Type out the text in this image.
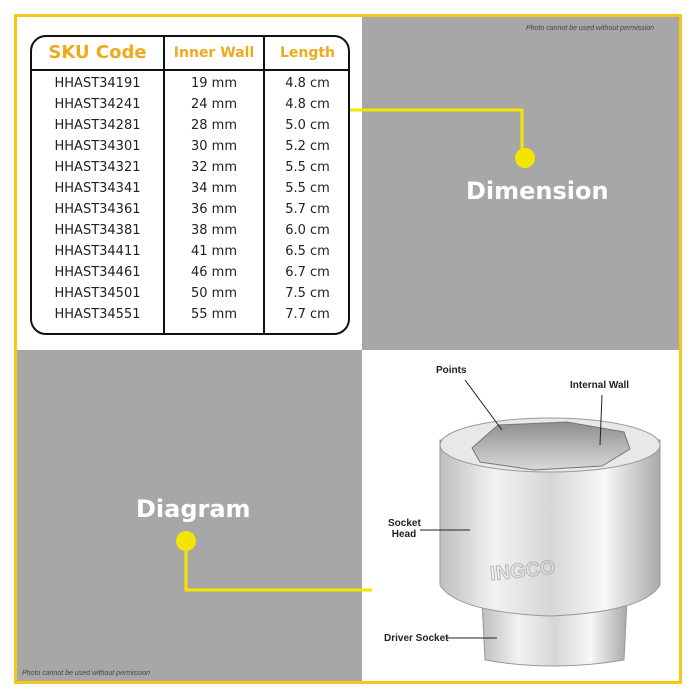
Photo cannot be used without permission
Photo cannot be used without permission
SKU Code	Inner Wall	Length
HHAST34191	19 mm	4.8 cm
HHAST34241	24 mm	4.8 cm
HHAST34281	28 mm	5.0 cm
HHAST34301	30 mm	5.2 cm
HHAST34321	32 mm	5.5 cm
HHAST34341	34 mm	5.5 cm
HHAST34361	36 mm	5.7 cm
HHAST34381	38 mm	6.0 cm
HHAST34411	41 mm	6.5 cm
HHAST34461	46 mm	6.7 cm
HHAST34501	50 mm	7.5 cm
HHAST34551	55 mm	7.7 cm
Dimension
Diagram
INGCO
Points
Internal Wall
Socket
Head
Driver Socket
